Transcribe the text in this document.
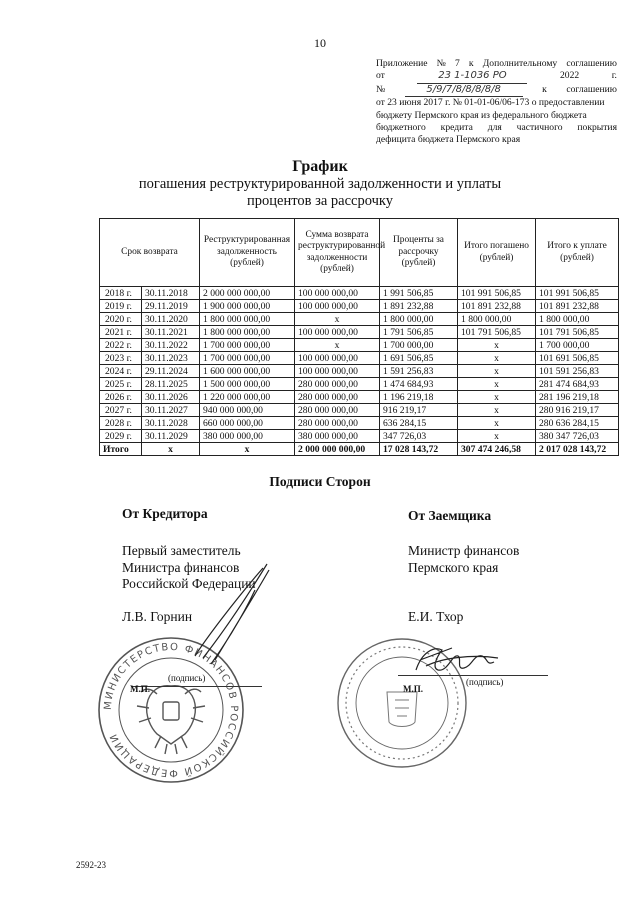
10
Приложение № 7 к Дополнительному соглашению
от	23 1-1036 PO	2022	г.
№	5/9/7/8/8/8/8/8	к соглашению
от 23 июня 2017 г. № 01-01-06/06-173 о предоставлении
бюджету Пермского края из федерального бюджета
бюджетного кредита для частичного покрытия
дефицита бюджета Пермского края
График
погашения реструктурированной задолженности и уплаты процентов за рассрочку
Срок возврата		Реструктурированная задолженность (рублей)	Сумма возврата реструктурированной задолженности (рублей)	Проценты за рассрочку (рублей)	Итого погашено (рублей)	Итого к уплате (рублей)
2018 г.	30.11.2018	2 000 000 000,00	100 000 000,00	1 991 506,85	101 991 506,85	101 991 506,85
2019 г.	29.11.2019	1 900 000 000,00	100 000 000,00	1 891 232,88	101 891 232,88	101 891 232,88
2020 г.	30.11.2020	1 800 000 000,00	х	1 800 000,00	1 800 000,00	1 800 000,00
2021 г.	30.11.2021	1 800 000 000,00	100 000 000,00	1 791 506,85	101 791 506,85	101 791 506,85
2022 г.	30.11.2022	1 700 000 000,00	х	1 700 000,00	х	1 700 000,00
2023 г.	30.11.2023	1 700 000 000,00	100 000 000,00	1 691 506,85	х	101 691 506,85
2024 г.	29.11.2024	1 600 000 000,00	100 000 000,00	1 591 256,83	х	101 591 256,83
2025 г.	28.11.2025	1 500 000 000,00	280 000 000,00	1 474 684,93	х	281 474 684,93
2026 г.	30.11.2026	1 220 000 000,00	280 000 000,00	1 196 219,18	х	281 196 219,18
2027 г.	30.11.2027	940 000 000,00	280 000 000,00	916 219,17	х	280 916 219,17
2028 г.	30.11.2028	660 000 000,00	280 000 000,00	636 284,15	х	280 636 284,15
2029 г.	30.11.2029	380 000 000,00	380 000 000,00	347 726,03	х	380 347 726,03
Итого	х	х	2 000 000 000,00	17 028 143,72	307 474 246,58	2 017 028 143,72
Подписи Сторон
От Кредитора
Первый заместитель
Министра финансов
Российской Федерации
Л.В. Горнин
МИНИСТЕРСТВО ФИНАНСОВ РОССИЙСКОЙ ФЕДЕРАЦИИ
(подпись)
М.П.
От Заемщика
Министр финансов
Пермского края
Е.И. Тхор
(подпись)
М.П.
2592-23
